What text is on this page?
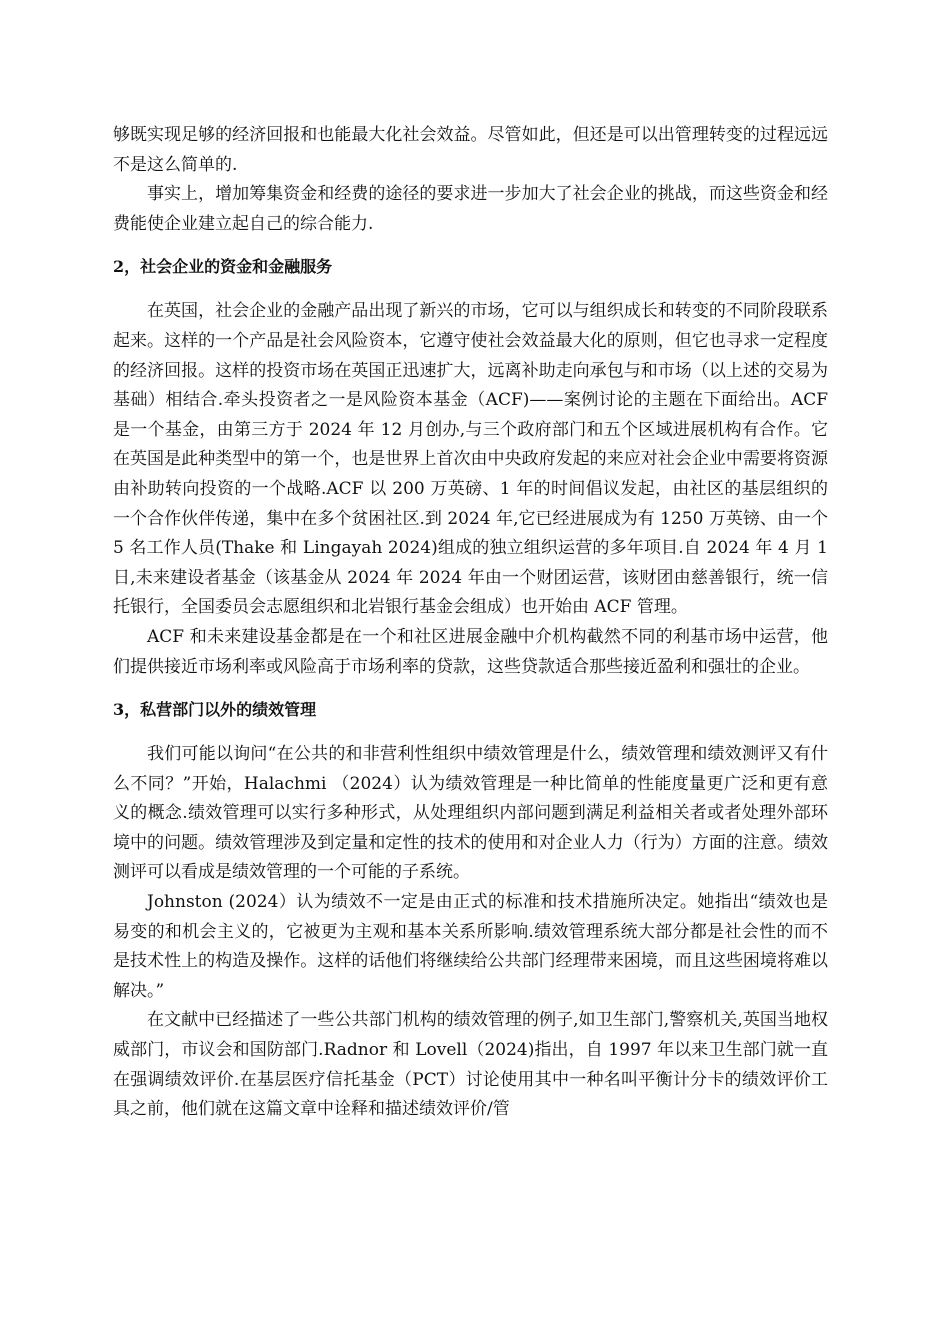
够既实现足够的经济回报和也能最大化社会效益。尽管如此，但还是可以出管理转变的过程远远不是这么简单的.

事实上，增加筹集资金和经费的途径的要求进一步加大了社会企业的挑战，而这些资金和经费能使企业建立起自己的综合能力.

2，社会企业的资金和金融服务

在英国，社会企业的金融产品出现了新兴的市场，它可以与组织成长和转变的不同阶段联系起来。这样的一个产品是社会风险资本，它遵守使社会效益最大化的原则，但它也寻求一定程度的经济回报。这样的投资市场在英国正迅速扩大，远离补助走向承包与和市场（以上述的交易为基础）相结合.牵头投资者之一是风险资本基金（ACF)——案例讨论的主题在下面给出。ACF 是一个基金，由第三方于 2024 年 12 月创办,与三个政府部门和五个区域进展机构有合作。它在英国是此种类型中的第一个，也是世界上首次由中央政府发起的来应对社会企业中需要将资源由补助转向投资的一个战略.ACF 以 200 万英磅、1 年的时间倡议发起，由社区的基层组织的一个合作伙伴传递，集中在多个贫困社区.到 2024 年,它已经进展成为有 1250 万英镑、由一个 5 名工作人员(Thake 和 Lingayah 2024)组成的独立组织运营的多年项目.自 2024 年 4 月 1 日,未来建设者基金（该基金从 2024 年 2024 年由一个财团运营，该财团由慈善银行，统一信托银行，全国委员会志愿组织和北岩银行基金会组成）也开始由 ACF 管理。

ACF 和未来建设基金都是在一个和社区进展金融中介机构截然不同的利基市场中运营，他们提供接近市场利率或风险高于市场利率的贷款，这些贷款适合那些接近盈利和强壮的企业。

3，私营部门以外的绩效管理

我们可能以询问“在公共的和非营利性组织中绩效管理是什么，绩效管理和绩效测评又有什么不同？”开始，Halachmi （2024）认为绩效管理是一种比简单的性能度量更广泛和更有意义的概念.绩效管理可以实行多种形式，从处理组织内部问题到满足利益相关者或者处理外部环境中的问题。绩效管理涉及到定量和定性的技术的使用和对企业人力（行为）方面的注意。绩效测评可以看成是绩效管理的一个可能的子系统。

Johnston (2024）认为绩效不一定是由正式的标准和技术措施所决定。她指出“绩效也是易变的和机会主义的，它被更为主观和基本关系所影响.绩效管理系统大部分都是社会性的而不是技术性上的构造及操作。这样的话他们将继续给公共部门经理带来困境，而且这些困境将难以解决。”

在文献中已经描述了一些公共部门机构的绩效管理的例子,如卫生部门,警察机关,英国当地权威部门，市议会和国防部门.Radnor 和 Lovell（2024)指出，自 1997 年以来卫生部门就一直在强调绩效评价.在基层医疗信托基金（PCT）讨论使用其中一种名叫平衡计分卡的绩效评价工具之前，他们就在这篇文章中诠释和描述绩效评价/管
